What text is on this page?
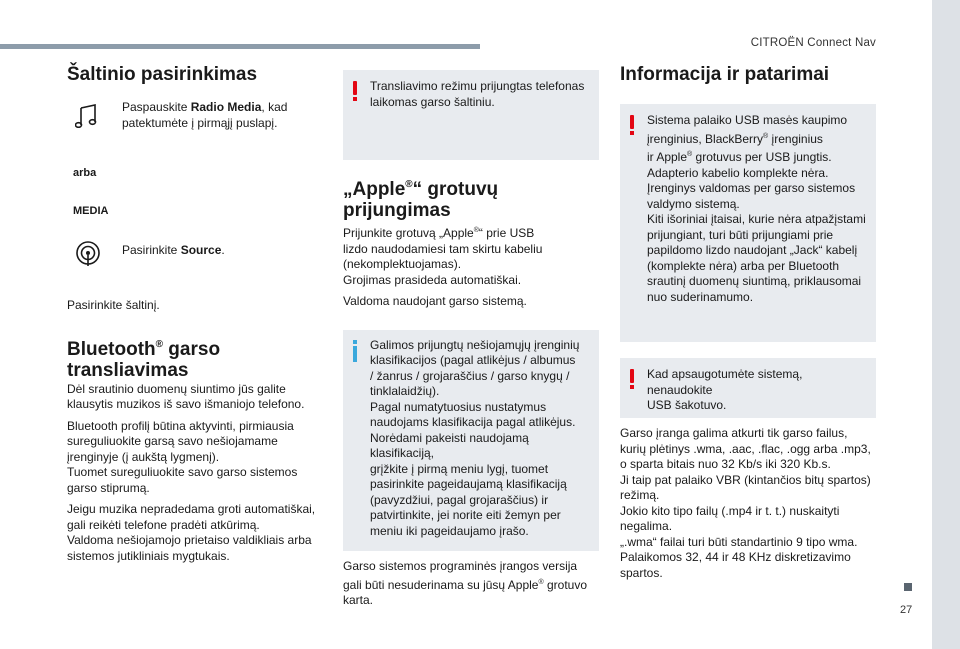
CITROËN Connect Nav
27
Šaltinio pasirinkimas

Paspauskite Radio Media, kad
patektumėte į pirmąjį puslapį.

arba
MEDIA

Pasirinkite Source.

Pasirinkite šaltinį.

Bluetooth® garso
transliavimas

Dėl srautinio duomenų siuntimo jūs galite
klausytis muzikos iš savo išmaniojo telefono.

Bluetooth profilį būtina aktyvinti, pirmiausia
sureguliuokite garsą savo nešiojamame
įrenginyje (į aukštą lygmenį).
Tuomet sureguliuokite savo garso sistemos
garso stiprumą.

Jeigu muzika nepradedama groti automatiškai,
gali reikėti telefone pradėti atkūrimą.
Valdoma nešiojamojo prietaiso valdikliais arba
sistemos jutikliniais mygtukais.

Transliavimo režimu prijungtas telefonas
laikomas garso šaltiniu.

„Apple®“ grotuvų
prijungimas

Prijunkite grotuvą „Apple®“ prie USB
lizdo naudodamiesi tam skirtu kabeliu
(nekomplektuojamas).
Grojimas prasideda automatiškai.

Valdoma naudojant garso sistemą.

Galimos prijungtų nešiojamųjų įrenginių
klasifikacijos (pagal atlikėjus / albumus
/ žanrus / grojaraščius / garso knygų /
tinklalaidžių).
Pagal numatytuosius nustatymus
naudojams klasifikacija pagal atlikėjus.
Norėdami pakeisti naudojamą klasifikaciją,
grįžkite į pirmą meniu lygį, tuomet
pasirinkite pageidaujamą klasifikaciją
(pavyzdžiui, pagal grojaraščius) ir
patvirtinkite, jei norite eiti žemyn per
meniu iki pageidaujamo įrašo.

Garso sistemos programinės įrangos versija
gali būti nesuderinama su jūsų Apple® grotuvo
karta.

Informacija ir patarimai

Sistema palaiko USB masės kaupimo
įrenginius, BlackBerry® įrenginius
ir Apple® grotuvus per USB jungtis.
Adapterio kabelio komplekte nėra.
Įrenginys valdomas per garso sistemos
valdymo sistemą.
Kiti išoriniai įtaisai, kurie nėra atpažįstami
prijungiant, turi būti prijungiami prie
papildomo lizdo naudojant „Jack“ kabelį
(komplekte nėra) arba per Bluetooth
srautinį duomenų siuntimą, priklausomai
nuo suderinamumo.

Kad apsaugotumėte sistemą, nenaudokite
USB šakotuvo.

Garso įranga galima atkurti tik garso failus,
kurių plėtinys .wma, .aac, .flac, .ogg arba .mp3,
o sparta bitais nuo 32 Kb/s iki 320 Kb.s.
Ji taip pat palaiko VBR (kintančios bitų spartos)
režimą.
Jokio kito tipo failų (.mp4 ir t. t.) nuskaityti
negalima.
„.wma“ failai turi būti standartinio 9 tipo wma.
Palaikomos 32, 44 ir 48 KHz diskretizavimo
spartos.
